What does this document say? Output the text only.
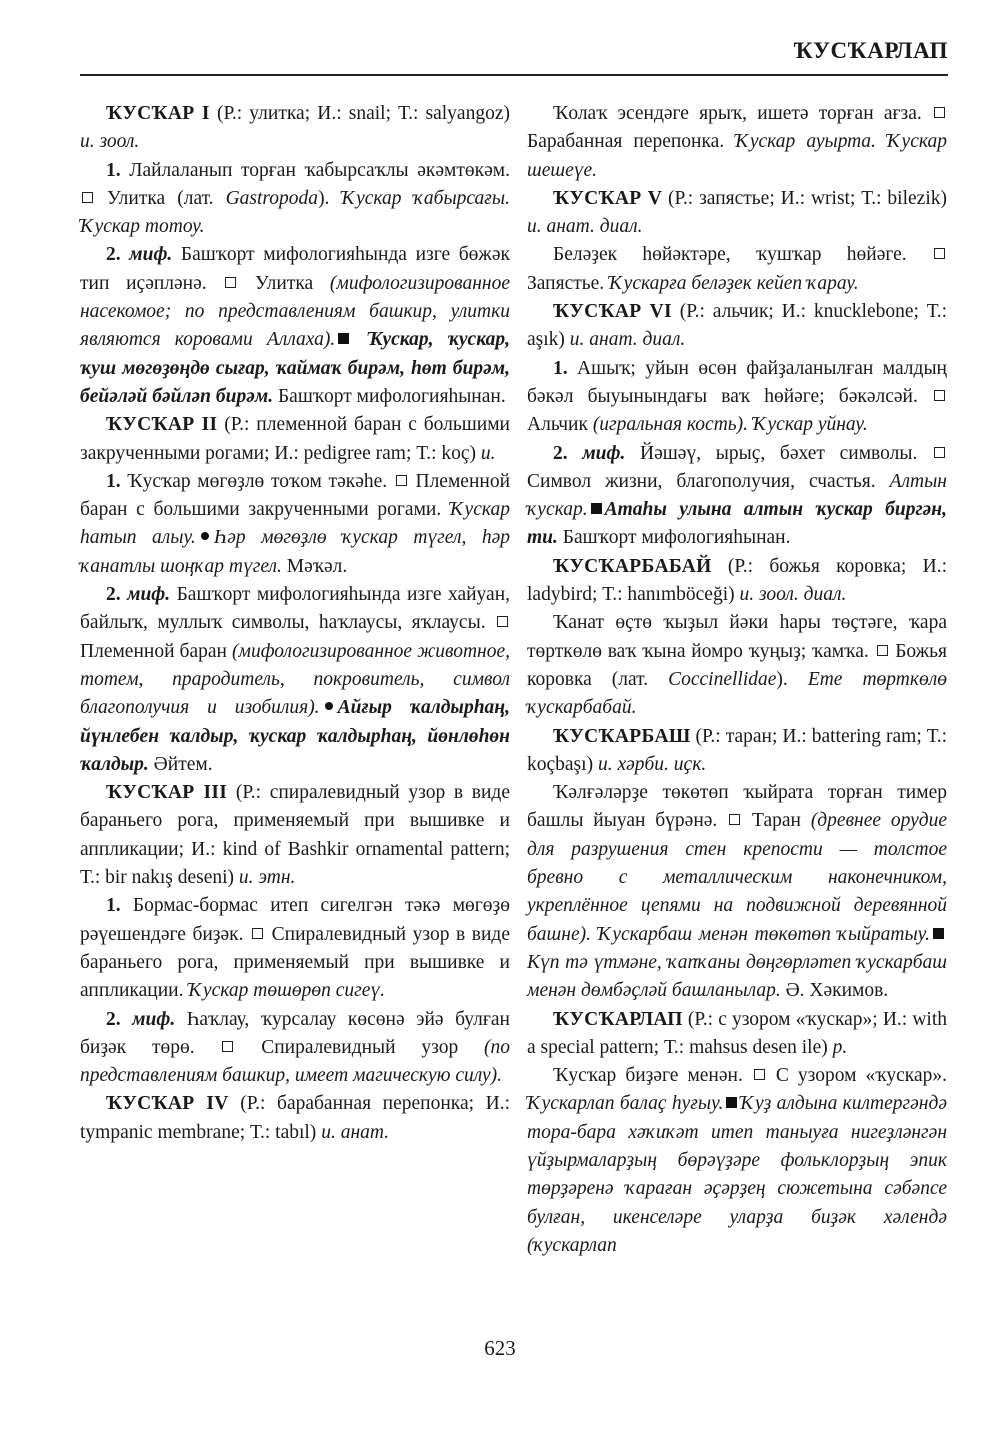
ҠУСҠАРЛАП

ҠУСҠАР I (Р.: улитка; И.: snail; Т.: salyangoz) и. зоол.

1. Лайлаланып торған ҡабырсаҡлы әкәмтөкәм.  Улитка (лат. Gastropoda). Ҡускар ҡабырсағы. Ҡускар тотоу.

2. миф. Башҡорт мифологияһында изге бөжәк тип иҫәпләнә.  Улитка (мифологизированное насекомое; по представлениям башкир, улитки являются коровами Аллаха). Ҡускар, ҡускар, ҡуш мөгөҙөңдө сығар, ҡаймаҡ бирәм, һөт бирәм, бейәләй бәйләп бирәм. Башҡорт мифологияһынан.

ҠУСҠАР II (Р.: племенной баран с большими закрученными рогами; И.: pedigree ram; Т.: koç) и.

1. Ҡусҡар мөгөҙлө тоҡом тәкәһе.  Племенной баран с большими закрученными рогами. Ҡускар һатып алыу. Һәр мөгөҙлө ҡускар түгел, һәр ҡанатлы шоңҡар түгел. Мәҡәл.

2. миф. Башҡорт мифологияһында изге хайуан, байлыҡ, муллыҡ символы, һаҡлаусы, яҡлаусы.  Племенной баран (мифологизированное животное, тотем, прародитель, покровитель, символ благополучия и изобилия). Айғыр ҡалдырһаң, йүнлебен ҡалдыр, ҡускар ҡалдырһаң, йөнлөһөн ҡалдыр. Әйтем.

ҠУСҠАР III (Р.: спиралевидный узор в виде бараньего рога, применяемый при вышивке и аппликации; И.: kind of Bashkir ornamental pattern; Т.: bir nakış deseni) и. этн.

1. Бормас-бормас итеп сигелгән тәкә мөгөҙө рәүешендәге биҙәк.  Спиралевидный узор в виде бараньего рога, применяемый при вышивке и аппликации. Ҡускар төшөрөп сигеү.

2. миф. Һаҡлау, ҡурсалау көсөнә эйә булған биҙәк төрө.  Спиралевидный узор (по представлениям башкир, имеет магическую силу).

ҠУСҠАР IV (Р.: барабанная перепонка; И.: tympanic membrane; Т.: tabıl) и. анат.

Ҡолаҡ эсендәге ярыҡ, ишетә торған ағза.  Барабанная перепонка. Ҡускар ауыртa. Ҡускар шешеүе.

ҠУСҠАР V (Р.: запястье; И.: wrist; Т.: bilezik) и. анат. диал.

Беләҙек һөйәктәре, ҡушҡар һөйәге.  Запястье. Ҡускарға беләҙек кейеп ҡарау.

ҠУСҠАР VI (Р.: альчик; И.: knucklebone; Т.: aşık) и. анат. диал.

1. Ашыҡ; уйын өсөн файҙаланылған малдың бәкәл быуынындағы ваҡ һөйәге; бәкәлсәй.  Альчик (игральная кость). Ҡускар уйнау.

2. миф. Йәшәү, ырыҫ, бәхет символы.  Символ жизни, благополучия, счастья. Алтын ҡускар. Атаһы улына алтын ҡускар биргән, ти. Башҡорт мифологияһынан.

ҠУСҠАРБАБАЙ (Р.: божья коровка; И.: ladybird; Т.: hanımböceği) и. зоол. диал.

Ҡанат өҫтө ҡыҙыл йәки һары төҫтәге, ҡара төрткөлө ваҡ ҡына йомро ҡуңыҙ; ҡамҡа.  Божья коровка (лат. Coccinellidae). Ете төрткөлө ҡускарбабай.

ҠУСҠАРБАШ (Р.: таран; И.: battering ram; Т.: koçbaşı) и. хәрби. иҫк.

Ҡәлғәләрҙе төкөтөп ҡыйрата торған тимер башлы йыуан бүрәнә.  Таран (древнее орудие для разрушения стен крепости — толстое бревно с металлическим наконечником, укреплённое цепями на подвижной деревянной башне). Ҡускарбаш менән төкөтөп ҡыйратыу.Күп тә үтмәне, ҡапҡаны дөңгөрләтеп ҡускарбаш менән дөмбәҫләй башланылар. Ә. Хәкимов.

ҠУСҠАРЛАП (Р.: с узором «ҡускар»; И.: with a special pattern; Т.: mahsus desen ile) р.

Ҡусҡар биҙәге менән.  С узором «ҡускар». Ҡускарлап балаҫ һуғыу. Ҡуҙ алдына килтергәндә тора-бара хәҡиҡәт итеп таныуға нигеҙләнгән үйҙырмаларҙың бөрәүҙәре фольклорҙың эпик төрҙәренә ҡараған әҫәрҙең сюжетына сәбәпсе булған, икенселәре уларҙа биҙәк хәлендә (ҡускарлап

623
